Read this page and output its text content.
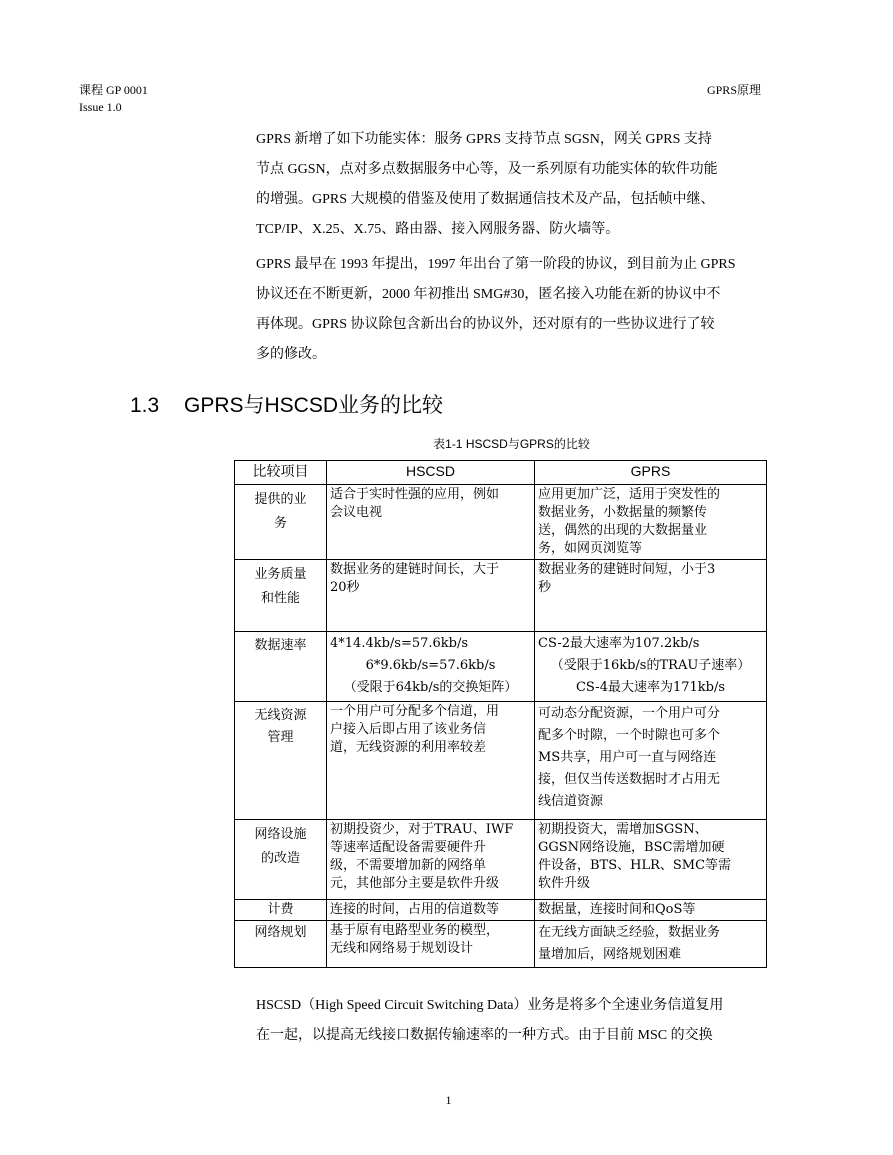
课程 GP 0001
Issue 1.0
GPRS原理
GPRS 新增了如下功能实体：服务 GPRS 支持节点 SGSN，网关 GPRS 支持
节点 GGSN，点对多点数据服务中心等，及一系列原有功能实体的软件功能
的增强。GPRS 大规模的借鉴及使用了数据通信技术及产品，包括帧中继、
TCP/IP、X.25、X.75、路由器、接入网服务器、防火墙等。
GPRS 最早在 1993 年提出，1997 年出台了第一阶段的协议，到目前为止 GPRS
协议还在不断更新，2000 年初推出 SMG#30，匿名接入功能在新的协议中不
再体现。GPRS 协议除包含新出台的协议外，还对原有的一些协议进行了较
多的修改。
1.3 GPRS与HSCSD业务的比较
表1-1 HSCSD与GPRS的比较
比较项目	HSCSD	GPRS

提供的业
务	适合于实时性强的应用，例如
会议电视	应用更加广泛，适用于突发性的
数据业务，小数据量的频繁传
送，偶然的出现的大数据量业
务，如网页浏览等

业务质量
和性能	数据业务的建链时间长，大于
20秒	数据业务的建链时间短，小于3
秒

数据速率	4*14.4kb/s=57.6kb/s
6*9.6kb/s=57.6kb/s
（受限于64kb/s的交换矩阵）	CS-2最大速率为107.2kb/s
（受限于16kb/s的TRAU子速率）
CS-4最大速率为171kb/s

无线资源
管理	一个用户可分配多个信道，用
户接入后即占用了该业务信
道，无线资源的利用率较差	可动态分配资源，一个用户可分
配多个时隙，一个时隙也可多个
MS共享，用户可一直与网络连
接，但仅当传送数据时才占用无
线信道资源

网络设施
的改造	初期投资少，对于TRAU、IWF
等速率适配设备需要硬件升
级，不需要增加新的网络单
元，其他部分主要是软件升级	初期投资大，需增加SGSN、
GGSN网络设施，BSC需增加硬
件设备，BTS、HLR、SMC等需
软件升级

计费	连接的时间，占用的信道数等	数据量，连接时间和QoS等

网络规划	基于原有电路型业务的模型，
无线和网络易于规划设计	在无线方面缺乏经验，数据业务
量增加后，网络规划困难
HSCSD（High Speed Circuit Switching Data）业务是将多个全速业务信道复用
在一起，以提高无线接口数据传输速率的一种方式。由于目前 MSC 的交换
1
